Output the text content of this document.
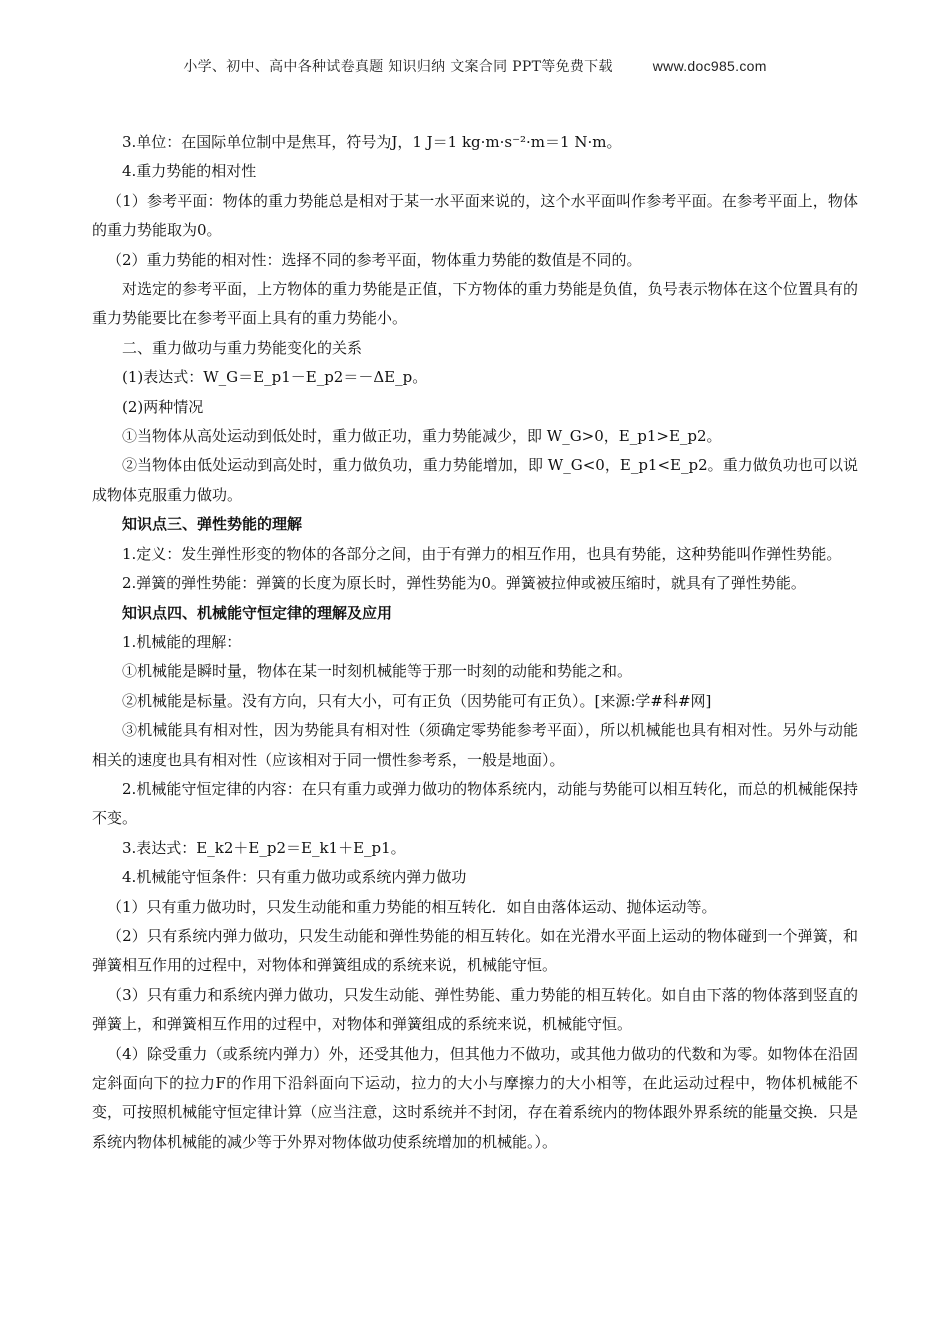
小学、初中、高中各种试卷真题 知识归纳 文案合同 PPT等免费下载	www.doc985.com

3.单位：在国际单位制中是焦耳，符号为J，1 J＝1 kg·m·s⁻²·m＝1 N·m。

4.重力势能的相对性

（1）参考平面：物体的重力势能总是相对于某一水平面来说的，这个水平面叫作参考平面。在参考平面上，物体的重力势能取为0。

（2）重力势能的相对性：选择不同的参考平面，物体重力势能的数值是不同的。

对选定的参考平面，上方物体的重力势能是正值，下方物体的重力势能是负值，负号表示物体在这个位置具有的重力势能要比在参考平面上具有的重力势能小。

二、重力做功与重力势能变化的关系

(1)表达式：W_G＝E_p1－E_p2＝－ΔE_p。

(2)两种情况

①当物体从高处运动到低处时，重力做正功，重力势能减少，即 W_G>0，E_p1>E_p2。

②当物体由低处运动到高处时，重力做负功，重力势能增加，即 W_G<0，E_p1<E_p2。重力做负功也可以说成物体克服重力做功。

知识点三、弹性势能的理解

1.定义：发生弹性形变的物体的各部分之间，由于有弹力的相互作用，也具有势能，这种势能叫作弹性势能。

2.弹簧的弹性势能：弹簧的长度为原长时，弹性势能为0。弹簧被拉伸或被压缩时，就具有了弹性势能。

知识点四、机械能守恒定律的理解及应用

1.机械能的理解：

①机械能是瞬时量，物体在某一时刻机械能等于那一时刻的动能和势能之和。

②机械能是标量。没有方向，只有大小，可有正负（因势能可有正负）。[来源:学#科#网]

③机械能具有相对性，因为势能具有相对性（须确定零势能参考平面），所以机械能也具有相对性。另外与动能相关的速度也具有相对性（应该相对于同一惯性参考系，一般是地面）。

2.机械能守恒定律的内容：在只有重力或弹力做功的物体系统内，动能与势能可以相互转化，而总的机械能保持不变。

3.表达式：E_k2＋E_p2＝E_k1＋E_p1。

4.机械能守恒条件：只有重力做功或系统内弹力做功

（1）只有重力做功时，只发生动能和重力势能的相互转化．如自由落体运动、抛体运动等。

（2）只有系统内弹力做功，只发生动能和弹性势能的相互转化。如在光滑水平面上运动的物体碰到一个弹簧，和弹簧相互作用的过程中，对物体和弹簧组成的系统来说，机械能守恒。

（3）只有重力和系统内弹力做功，只发生动能、弹性势能、重力势能的相互转化。如自由下落的物体落到竖直的弹簧上，和弹簧相互作用的过程中，对物体和弹簧组成的系统来说，机械能守恒。

（4）除受重力（或系统内弹力）外，还受其他力，但其他力不做功，或其他力做功的代数和为零。如物体在沿固定斜面向下的拉力F的作用下沿斜面向下运动，拉力的大小与摩擦力的大小相等，在此运动过程中，物体机械能不变，可按照机械能守恒定律计算（应当注意，这时系统并不封闭，存在着系统内的物体跟外界系统的能量交换．只是系统内物体机械能的减少等于外界对物体做功使系统增加的机械能。）。
